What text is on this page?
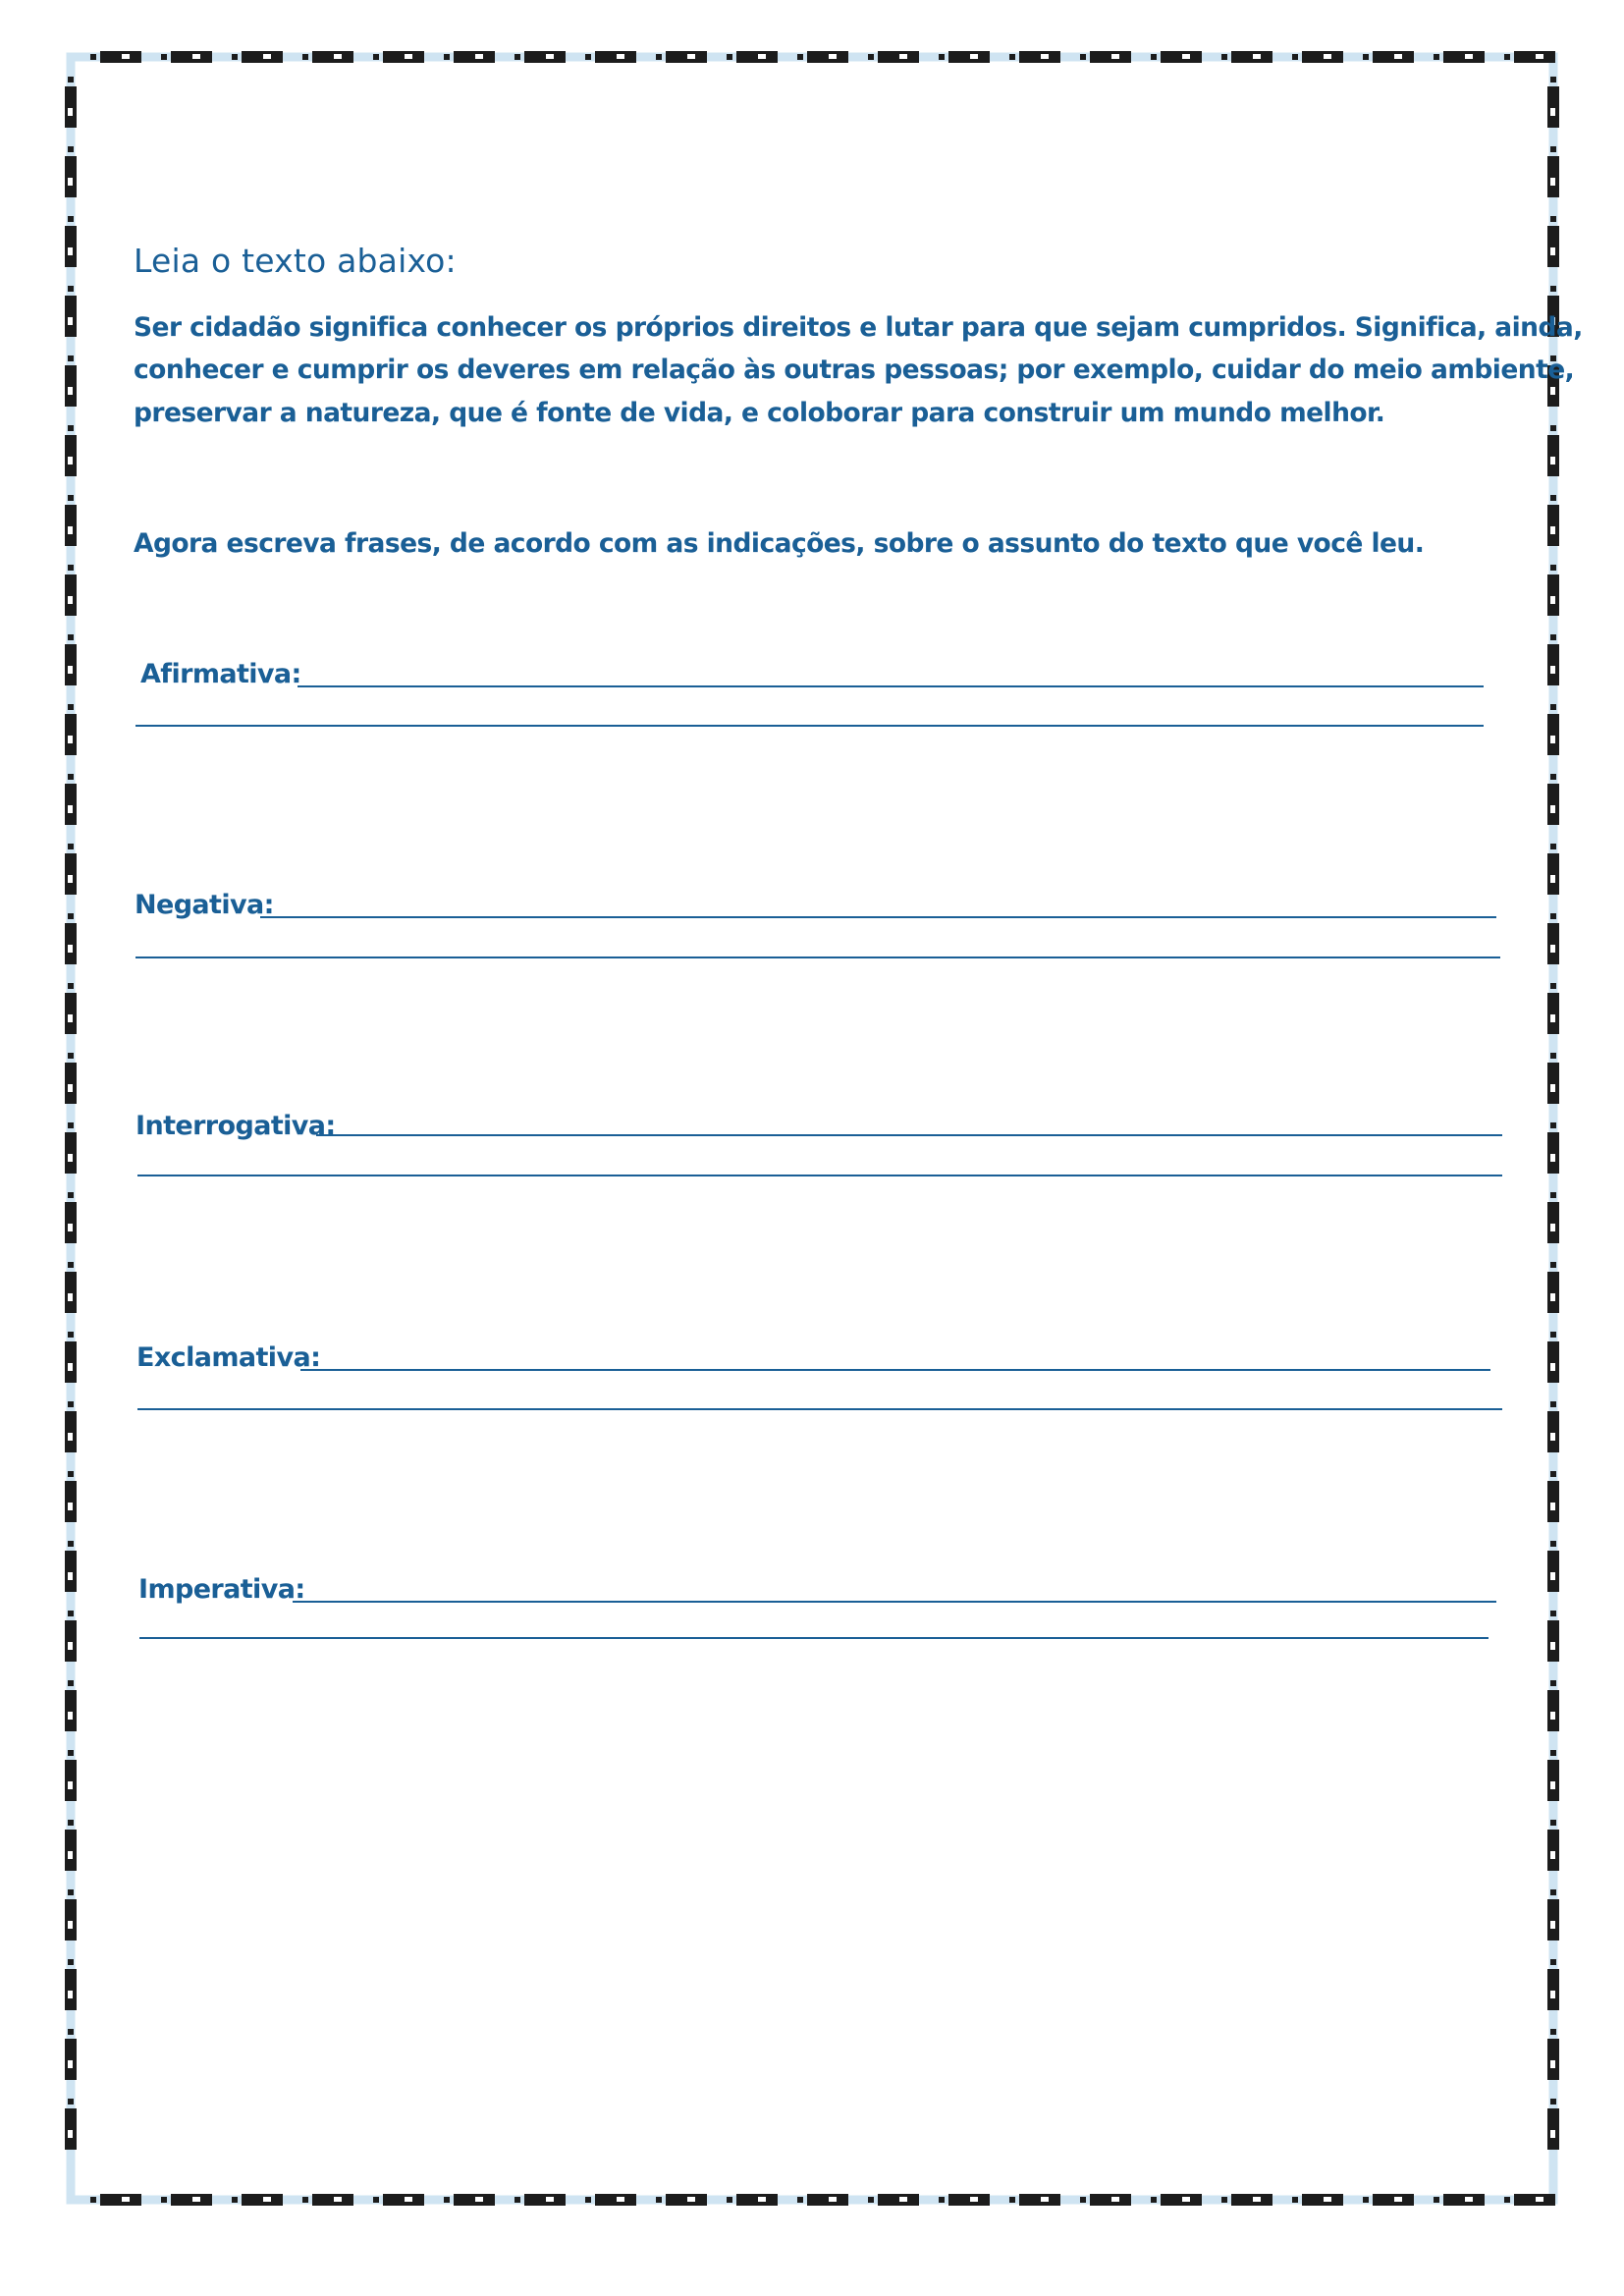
Leia o texto abaixo:
Ser cidadão significa conhecer os próprios direitos e lutar para que sejam cumpridos. Significa, ainda,
conhecer e cumprir os deveres em relação às outras pessoas; por exemplo, cuidar do meio ambiente,
preservar a natureza, que é fonte de vida, e coloborar para construir um mundo melhor.
Agora escreva frases, de acordo com as indicações, sobre o assunto do texto que você leu.
Afirmativa:
Negativa:
Interrogativa:
Exclamativa:
Imperativa:
